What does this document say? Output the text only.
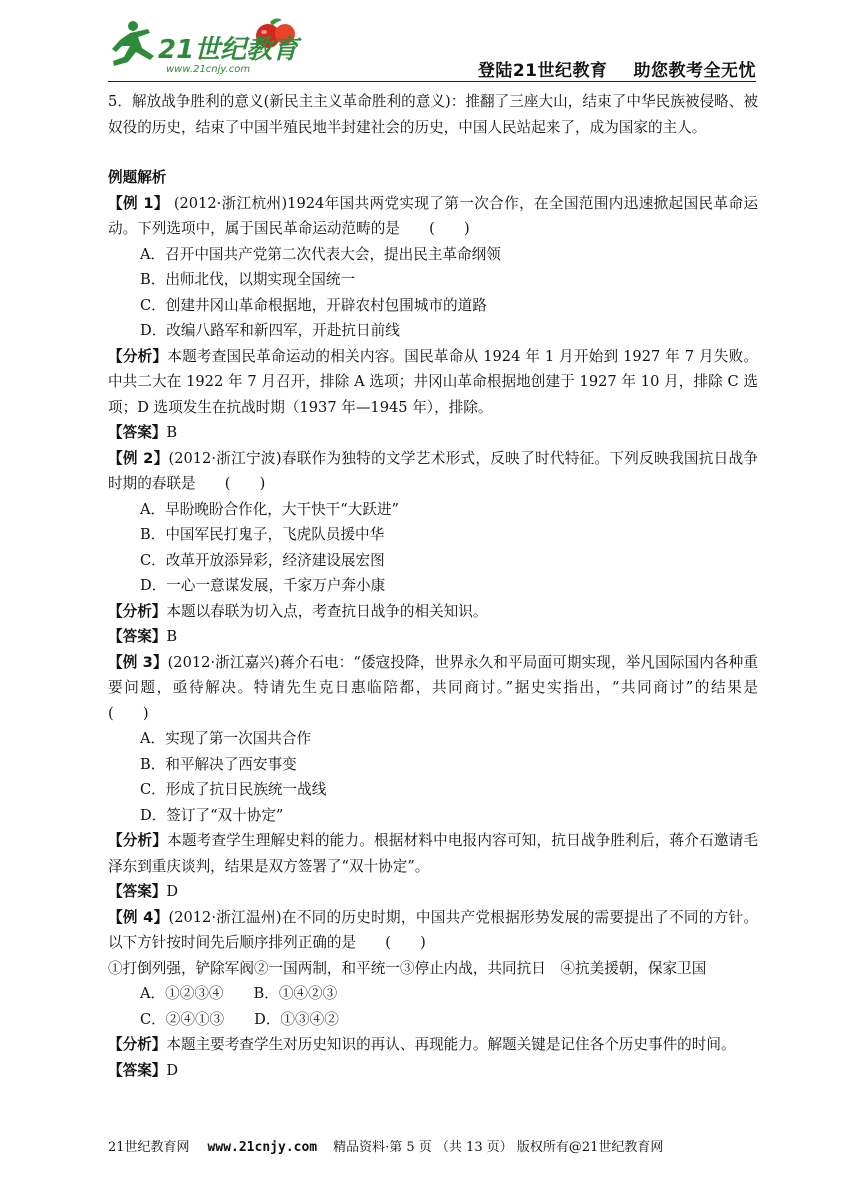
21世纪教育
www.21cnjy.com	登陆21世纪教育 助您教考全无忧

5．解放战争胜利的意义(新民主主义革命胜利的意义)：推翻了三座大山，结束了中华民族被侵略、被奴役的历史，结束了中国半殖民地半封建社会的历史，中国人民站起来了，成为国家的主人。

例题解析

【例 1】 (2012·浙江杭州)1924年国共两党实现了第一次合作，在全国范围内迅速掀起国民革命运动。下列选项中，属于国民革命运动范畴的是　　(　　)

A．召开中国共产党第二次代表大会，提出民主革命纲领

B．出师北伐，以期实现全国统一

C．创建井冈山革命根据地，开辟农村包围城市的道路

D．改编八路军和新四军，开赴抗日前线

【分析】本题考查国民革命运动的相关内容。国民革命从 1924 年 1 月开始到 1927 年 7 月失败。中共二大在 1922 年 7 月召开，排除 A 选项；井冈山革命根据地创建于 1927 年 10 月，排除 C 选项；D 选项发生在抗战时期（1937 年—1945 年），排除。

【答案】B

【例 2】(2012·浙江宁波)春联作为独特的文学艺术形式，反映了时代特征。下列反映我国抗日战争时期的春联是　　(　　)

A．早盼晚盼合作化，大干快干“大跃进”

B．中国军民打鬼子，飞虎队员援中华

C．改革开放添异彩，经济建设展宏图

D．一心一意谋发展，千家万户奔小康

【分析】本题以春联为切入点，考查抗日战争的相关知识。

【答案】B

【例 3】(2012·浙江嘉兴)蒋介石电：“倭寇投降，世界永久和平局面可期实现，举凡国际国内各种重要问题，亟待解决。特请先生克日惠临陪都，共同商讨。”据史实指出，“共同商讨”的结果是　　(　　)

A．实现了第一次国共合作

B．和平解决了西安事变

C．形成了抗日民族统一战线

D．签订了“双十协定”

【分析】本题考查学生理解史料的能力。根据材料中电报内容可知，抗日战争胜利后，蒋介石邀请毛泽东到重庆谈判，结果是双方签署了“双十协定”。

【答案】D

【例 4】(2012·浙江温州)在不同的历史时期，中国共产党根据形势发展的需要提出了不同的方针。以下方针按时间先后顺序排列正确的是　　(　　)

①打倒列强，铲除军阀②一国两制，和平统一③停止内战，共同抗日　④抗美援朝，保家卫国

A．①②③④ B．①④②③

C．②④①③ D．①③④②

【分析】本题主要考查学生对历史知识的再认、再现能力。解题关键是记住各个历史事件的时间。

【答案】D

21世纪教育网 www.21cnjy.com 精品资料·第 5 页 （共 13 页） 版权所有@21世纪教育网
